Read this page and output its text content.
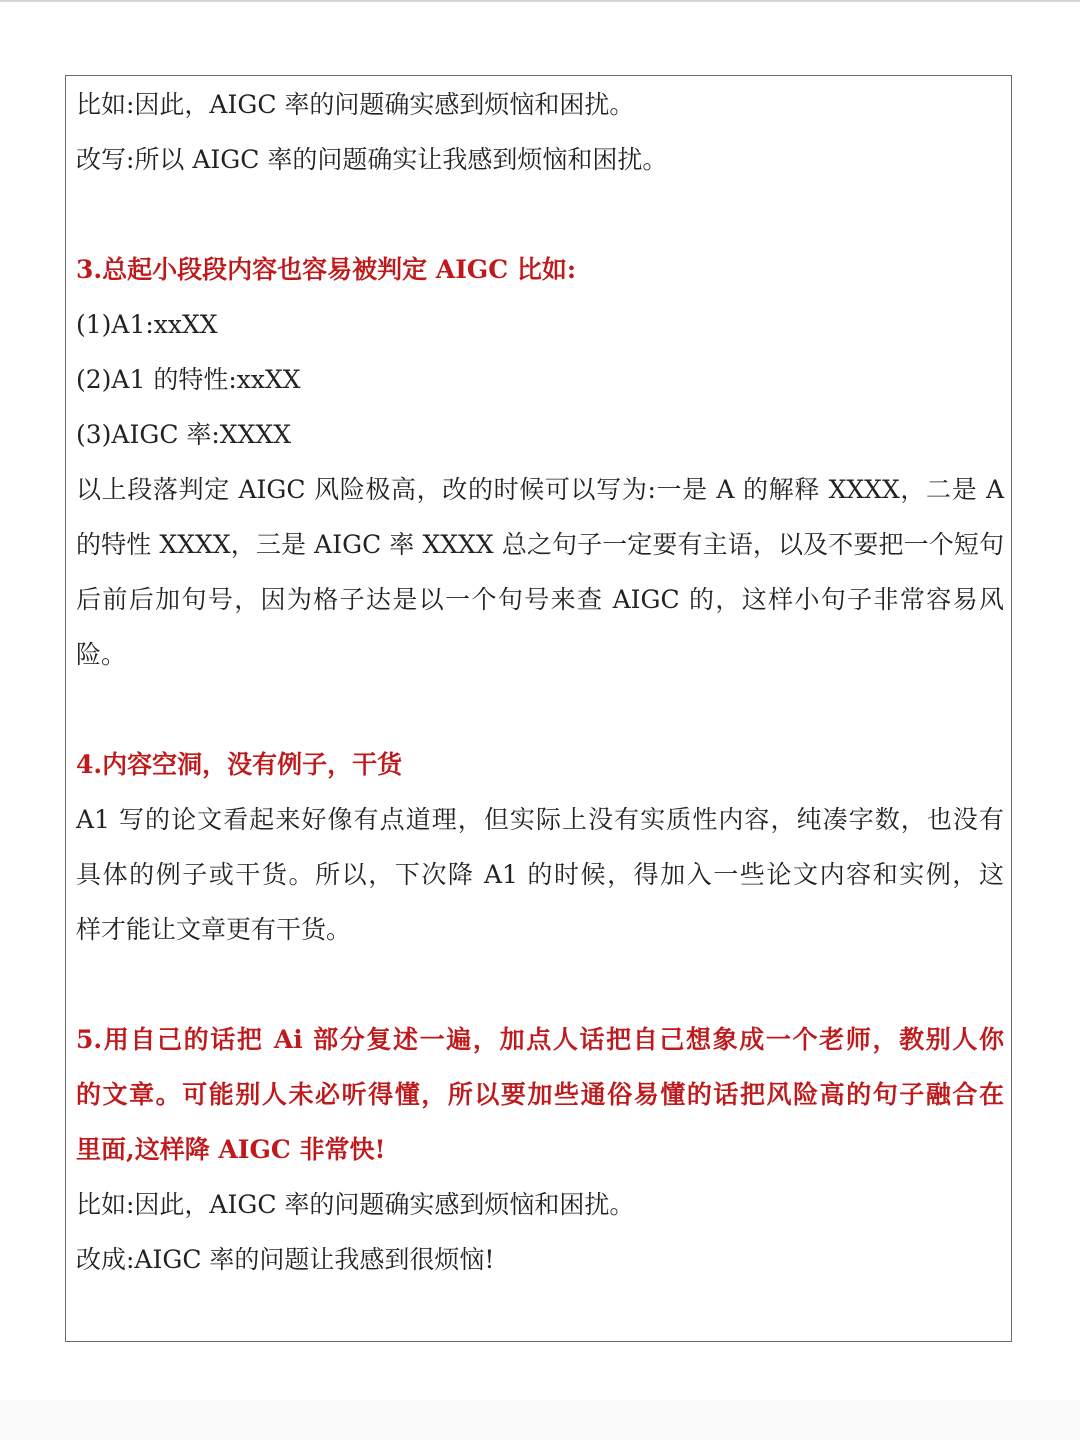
比如:因此，AIGC 率的问题确实感到烦恼和困扰。
改写:所以 AIGC 率的问题确实让我感到烦恼和困扰。
3.总起小段段内容也容易被判定 AIGC 比如:
(1)A1:xxXX
(2)A1 的特性:xxXX
(3)AIGC 率:XXXX
以上段落判定 AIGC 风险极高，改的时候可以写为:一是 A 的解释 XXXX，二是 A
的特性 XXXX，三是 AIGC 率 XXXX 总之句子一定要有主语，以及不要把一个短句
后前后加句号，因为格子达是以一个句号来查 AIGC 的，这样小句子非常容易风
险。
4.内容空洞，没有例子，干货
A1 写的论文看起来好像有点道理，但实际上没有实质性内容，纯凑字数，也没有
具体的例子或干货。所以，下次降 A1 的时候，得加入一些论文内容和实例，这
样才能让文章更有干货。
5.用自己的话把 Ai 部分复述一遍，加点人话把自己想象成一个老师，教别人你
的文章。可能别人未必听得懂，所以要加些通俗易懂的话把风险高的句子融合在
里面,这样降 AIGC 非常快!
比如:因此，AIGC 率的问题确实感到烦恼和困扰。
改成:AIGC 率的问题让我感到很烦恼!
